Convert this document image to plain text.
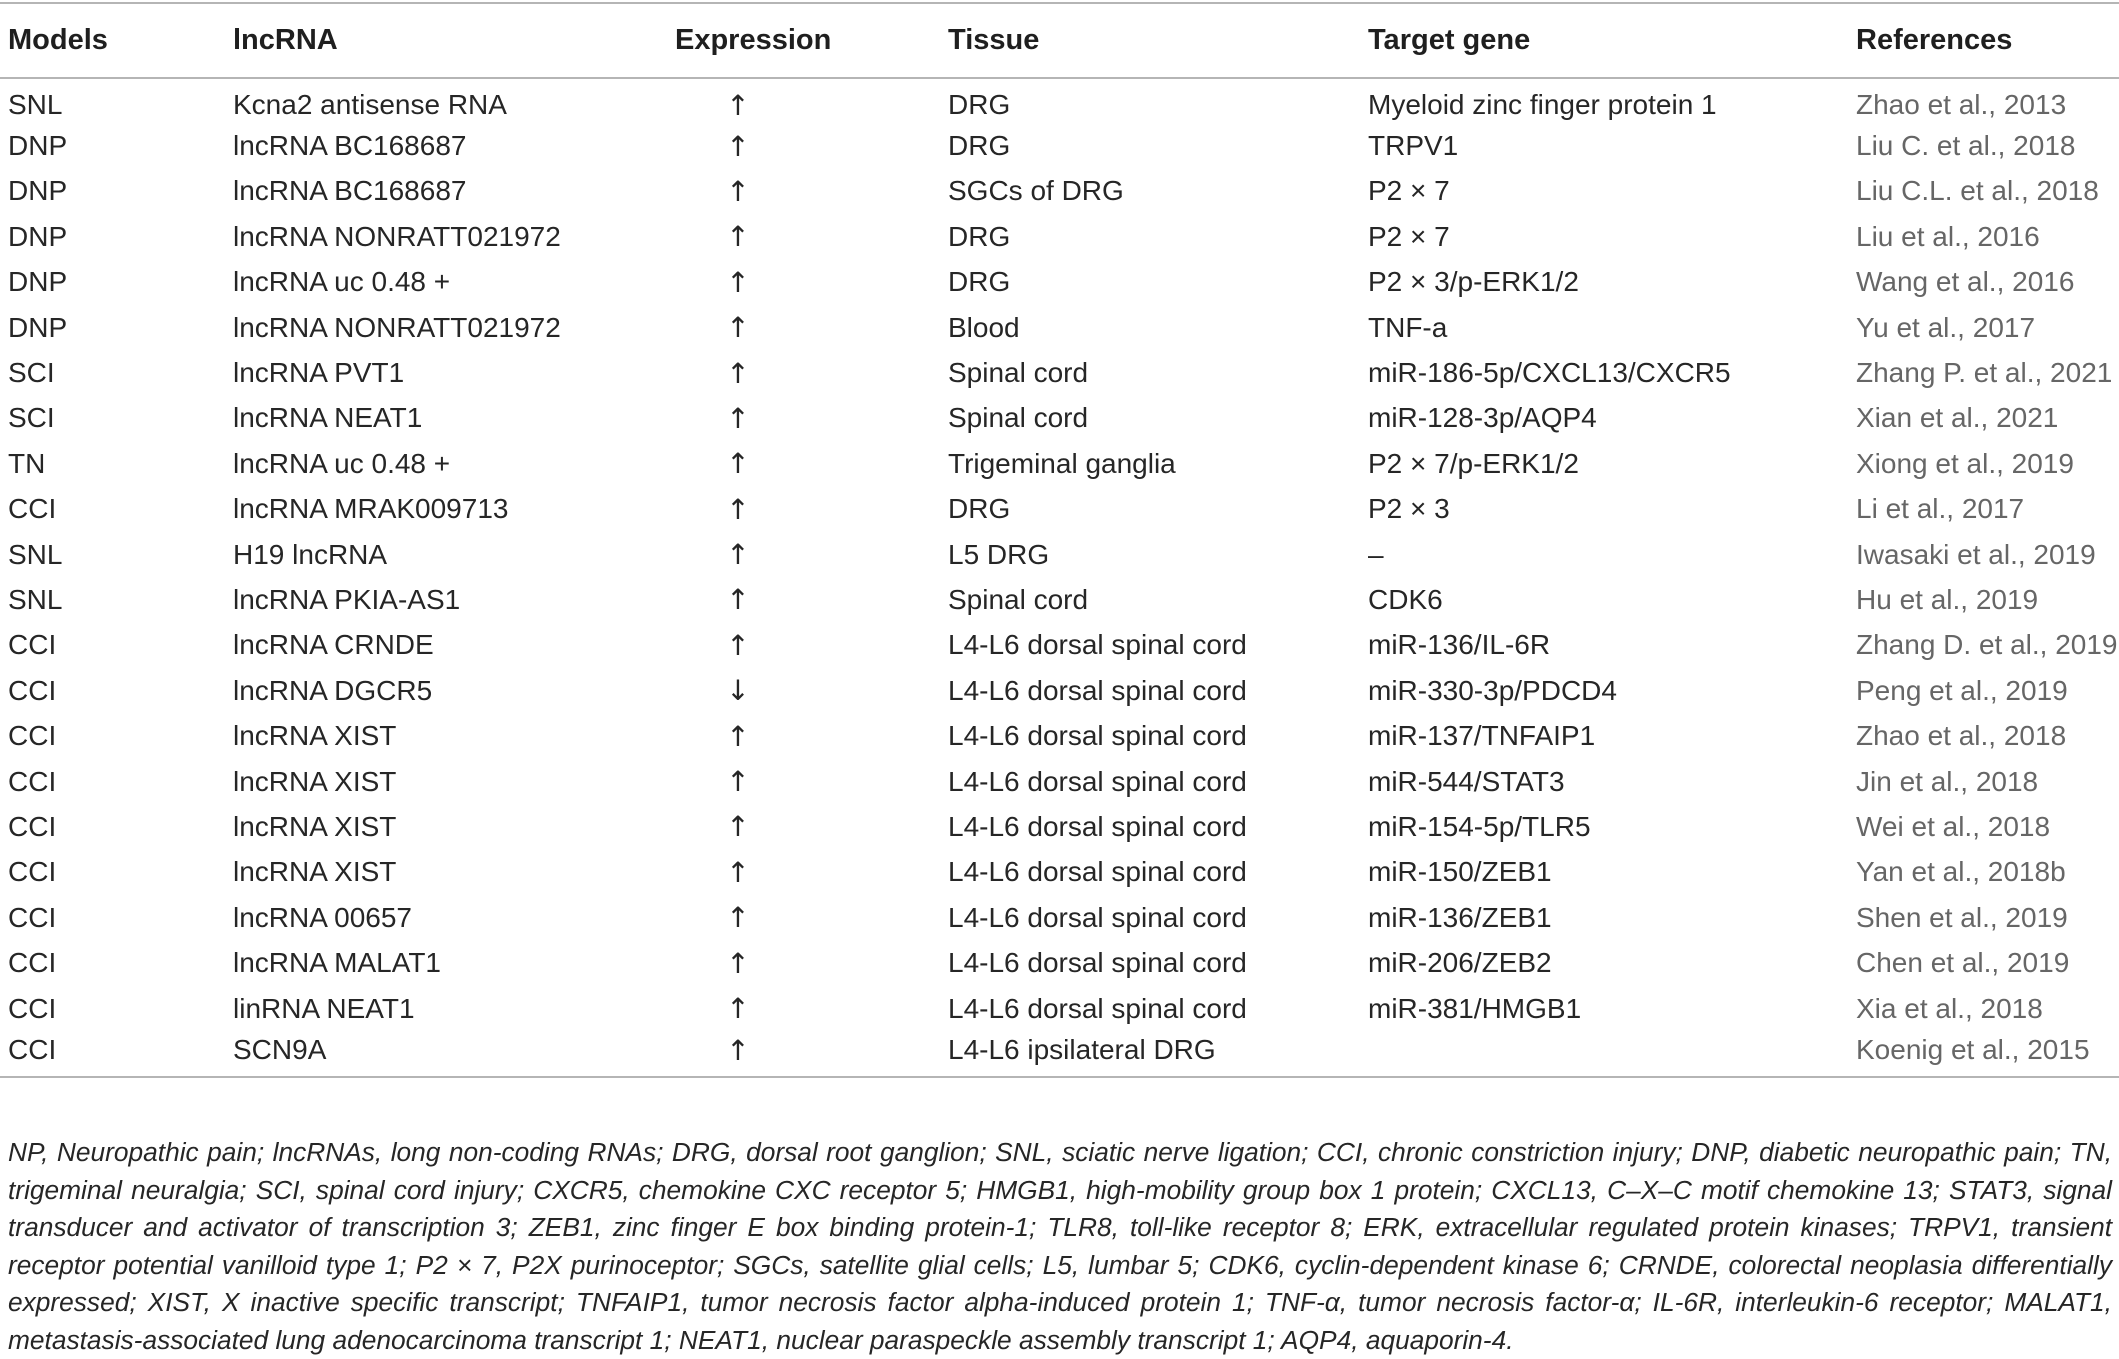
Models	lncRNA	Expression	Tissue	Target gene	References
SNL	Kcna2 antisense RNA	↑	DRG	Myeloid zinc finger protein 1	Zhao et al., 2013
DNP	lncRNA BC168687	↑	DRG	TRPV1	Liu C. et al., 2018
DNP	lncRNA BC168687	↑	SGCs of DRG	P2 × 7	Liu C.L. et al., 2018
DNP	lncRNA NONRATT021972	↑	DRG	P2 × 7	Liu et al., 2016
DNP	lncRNA uc 0.48 +	↑	DRG	P2 × 3/p-ERK1/2	Wang et al., 2016
DNP	lncRNA NONRATT021972	↑	Blood	TNF-a	Yu et al., 2017
SCI	lncRNA PVT1	↑	Spinal cord	miR-186-5p/CXCL13/CXCR5	Zhang P. et al., 2021
SCI	lncRNA NEAT1	↑	Spinal cord	miR-128-3p/AQP4	Xian et al., 2021
TN	lncRNA uc 0.48 +	↑	Trigeminal ganglia	P2 × 7/p-ERK1/2	Xiong et al., 2019
CCI	lncRNA MRAK009713	↑	DRG	P2 × 3	Li et al., 2017
SNL	H19 lncRNA	↑	L5 DRG	–	Iwasaki et al., 2019
SNL	lncRNA PKIA-AS1	↑	Spinal cord	CDK6	Hu et al., 2019
CCI	lncRNA CRNDE	↑	L4-L6 dorsal spinal cord	miR-136/IL-6R	Zhang D. et al., 2019
CCI	lncRNA DGCR5	↓	L4-L6 dorsal spinal cord	miR-330-3p/PDCD4	Peng et al., 2019
CCI	lncRNA XIST	↑	L4-L6 dorsal spinal cord	miR-137/TNFAIP1	Zhao et al., 2018
CCI	lncRNA XIST	↑	L4-L6 dorsal spinal cord	miR-544/STAT3	Jin et al., 2018
CCI	lncRNA XIST	↑	L4-L6 dorsal spinal cord	miR-154-5p/TLR5	Wei et al., 2018
CCI	lncRNA XIST	↑	L4-L6 dorsal spinal cord	miR-150/ZEB1	Yan et al., 2018b
CCI	lncRNA 00657	↑	L4-L6 dorsal spinal cord	miR-136/ZEB1	Shen et al., 2019
CCI	lncRNA MALAT1	↑	L4-L6 dorsal spinal cord	miR-206/ZEB2	Chen et al., 2019
CCI	linRNA NEAT1	↑	L4-L6 dorsal spinal cord	miR-381/HMGB1	Xia et al., 2018
CCI	SCN9A	↑	L4-L6 ipsilateral DRG		Koenig et al., 2015

NP, Neuropathic pain; lncRNAs, long non-coding RNAs; DRG, dorsal root ganglion; SNL, sciatic nerve ligation; CCI, chronic constriction injury; DNP, diabetic neuropathic pain; TN, trigeminal neuralgia; SCI, spinal cord injury; CXCR5, chemokine CXC receptor 5; HMGB1, high-mobility group box 1 protein; CXCL13, C–X–C motif chemokine 13; STAT3, signal transducer and activator of transcription 3; ZEB1, zinc finger E box binding protein-1; TLR8, toll-like receptor 8; ERK, extracellular regulated protein kinases; TRPV1, transient receptor potential vanilloid type 1; P2 × 7, P2X purinoceptor; SGCs, satellite glial cells; L5, lumbar 5; CDK6, cyclin-dependent kinase 6; CRNDE, colorectal neoplasia differentially expressed; XIST, X inactive specific transcript; TNFAIP1, tumor necrosis factor alpha-induced protein 1; TNF-α, tumor necrosis factor-α; IL-6R, interleukin-6 receptor; MALAT1, metastasis-associated lung adenocarcinoma transcript 1; NEAT1, nuclear paraspeckle assembly transcript 1; AQP4, aquaporin-4.
